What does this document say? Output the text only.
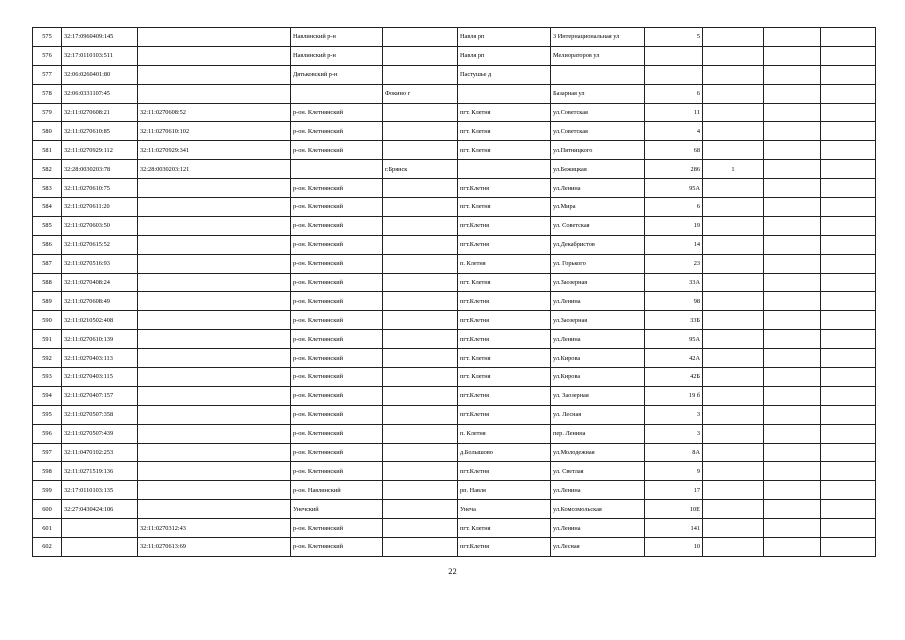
575	32:17:0960409:145		Навлинский р-н		Навля рп	3 Интернациональная ул	5			
576	32:17:0110103:511		Навлинский р-н		Навля рп	Мелиораторов ул				
577	32:06:0260401:80		Дятьковский р-н		Пастушье д					
578	32:06:0331107:45			Фокино г		Базарная ул	6			
579	32:11:0270608:21	32:11:0270608:52	р-он. Клетнянский		пгт. Клетня	ул.Советская	11			
580	32:11:0270610:85	32:11:0270610:102	р-он. Клетнянский		пгт. Клетня	ул.Советская	4			
581	32:11:0270929:112	32:11:0270929:341	р-он. Клетнянский		пгт. Клетня	ул.Пятницкого	68			
582	32:28:0030203:78	32:28:0030203:121		г.Брянск		ул.Бежицкая	286	1		
583	32:11:0270610:75		р-он. Клетнянский		пгт.Клетня	ул.Ленина	95А			
584	32:11:0270611:20		р-он. Клетнянский		пгт. Клетня	ул.Мира	6			
585	32:11:0270603:50		р-он. Клетнянский		пгт.Клетня	ул. Советская	19			
586	32:11:0270615:52		р-он. Клетнянский		пгт.Клетня	ул.Декабристов	14			
587	32:11:0270516:93		р-он. Клетнянский		п. Клетня	ул. Горького	23			
588	32:11:0270408:24		р-он. Клетнянский		пгт. Клетня	ул.Заозерная	33А			
589	32:11:0270608:49		р-он. Клетнянский		пгт.Клетня	ул.Ленина	98			
590	32:11:0210502:408		р-он. Клетнянский		пгт.Клетня	ул.Заозерная	33Б			
591	32:11:0270610:139		р-он. Клетнянский		пгт.Клетня	ул.Ленина	95А			
592	32:11:0270403:113		р-он. Клетнянский		пгт. Клетня	ул.Кирова	42А			
593	32:11:0270403:115		р-он. Клетнянский		пгт. Клетня	ул.Кирова	42Б			
594	32:11:0270407:157		р-он. Клетнянский		пгт.Клетня	ул. Заозерная	19 б			
595	32:11:0270507:358		р-он. Клетнянский		пгт.Клетня	ул. Лесная	3			
596	32:11:0270507:439		р-он. Клетнянский		п. Клетня	пер. Ленина	3			
597	32:11:0470102:253		р-он. Клетнянский		д.Болышово	ул.Молодежная	8А			
598	32:11:0271519:136		р-он. Клетнянский		пгт.Клетня	ул. Светлая	9			
599	32:17:0110103:135		р-он. Навлинский		рп. Навля	ул.Ленина	17			
600	32:27:0430424:106		Унечский		Унеча	ул.Комсомольская	10Е			
601		32:11:0270312:43	р-он. Клетнянский		пгт. Клетня	ул.Ленина	141			
602		32:11:0270613:69	р-он. Клетнянский		пгт.Клетня	ул.Лесная	10			
22
